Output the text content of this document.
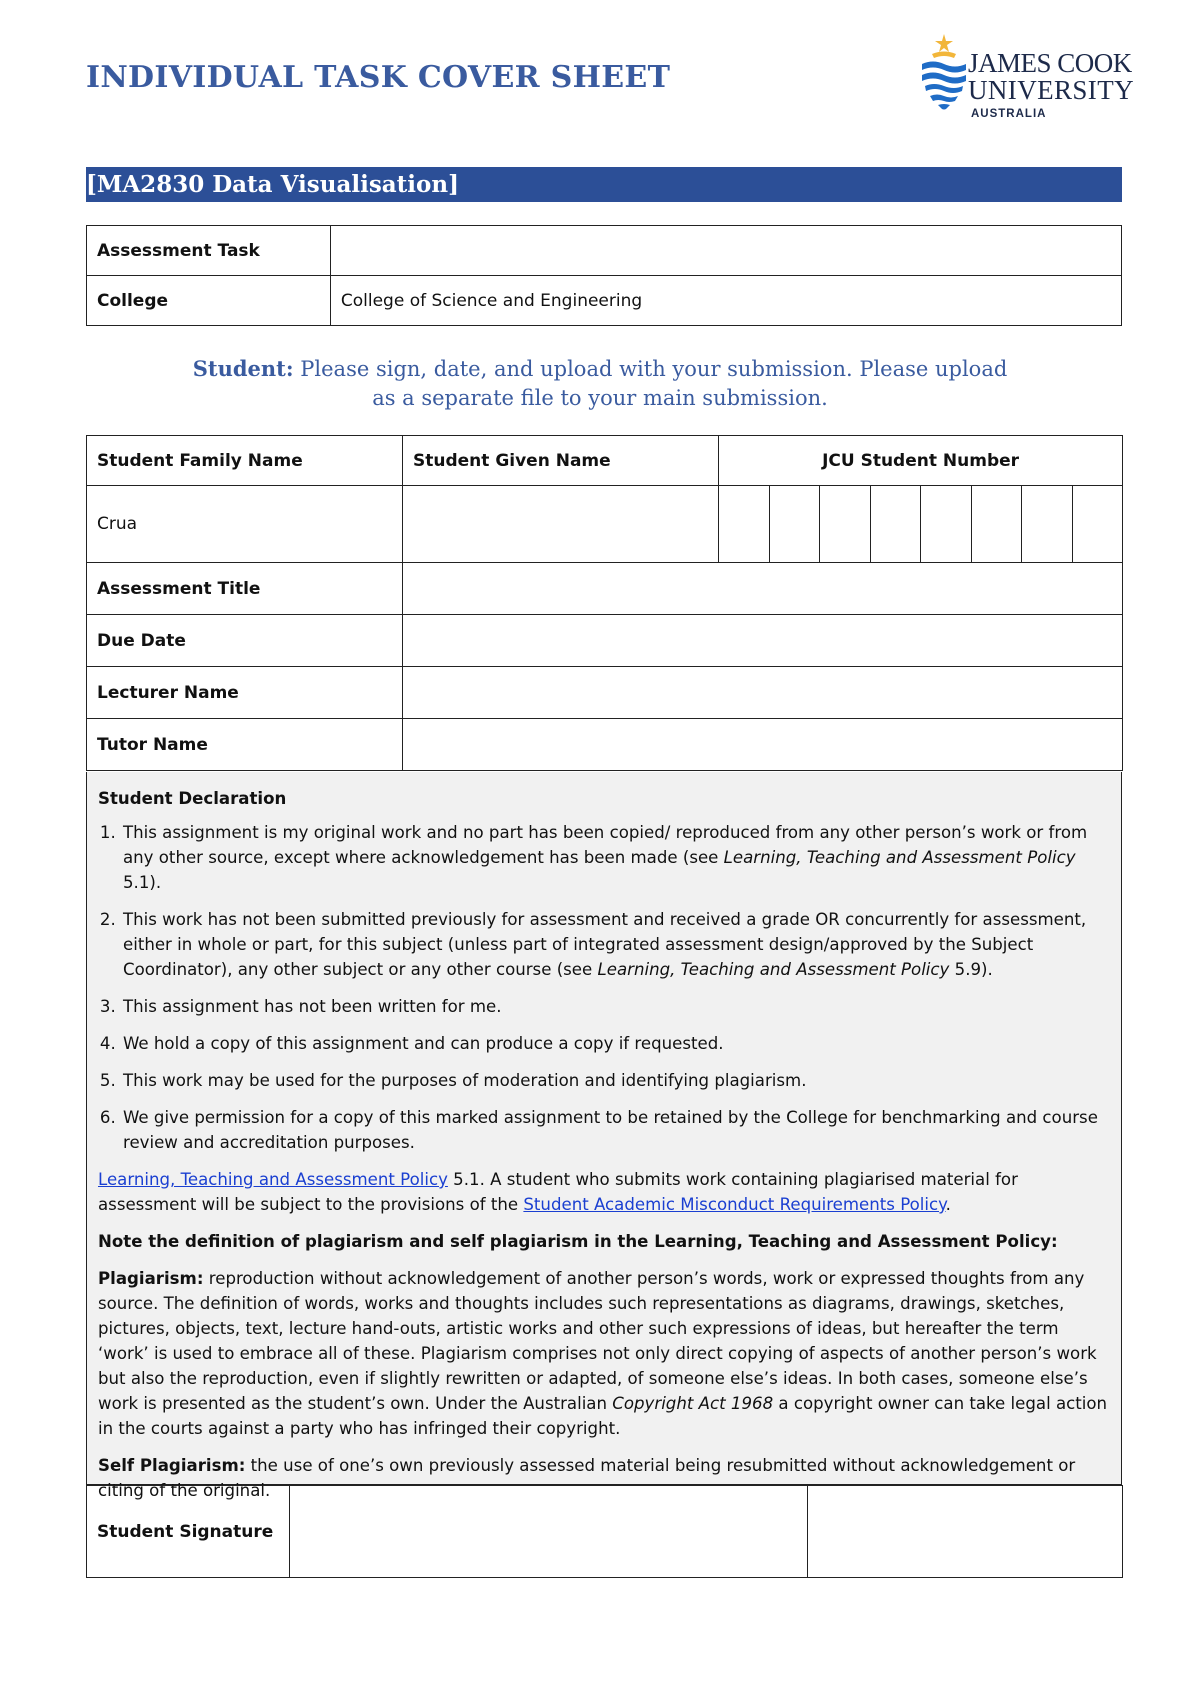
INDIVIDUAL TASK COVER SHEET	JAMES COOK
UNIVERSITY
AUSTRALIA
[MA2830 Data Visualisation]
Assessment Task	
College	College of Science and Engineering
Student: Please sign, date, and upload with your submission. Please upload
as a separate file to your main submission.
Student Family Name	Student Given Name	JCU Student Number							
Crua									
Assessment Title									
Due Date									
Lecturer Name									
Tutor Name									
Student Declaration
1. This assignment is my original work and no part has been copied/ reproduced from any other person’s work or from any other source, except where acknowledgement has been made (see Learning, Teaching and Assessment Policy 5.1).
2. This work has not been submitted previously for assessment and received a grade OR concurrently for assessment, either in whole or part, for this subject (unless part of integrated assessment design/approved by the Subject Coordinator), any other subject or any other course (see Learning, Teaching and Assessment Policy 5.9).
3. This assignment has not been written for me.
4. We hold a copy of this assignment and can produce a copy if requested.
5. This work may be used for the purposes of moderation and identifying plagiarism.
6. We give permission for a copy of this marked assignment to be retained by the College for benchmarking and course review and accreditation purposes.

Learning, Teaching and Assessment Policy 5.1. A student who submits work containing plagiarised material for assessment will be subject to the provisions of the Student Academic Misconduct Requirements Policy.

Note the definition of plagiarism and self plagiarism in the Learning, Teaching and Assessment Policy:

Plagiarism: reproduction without acknowledgement of another person’s words, work or expressed thoughts from any source. The definition of words, works and thoughts includes such representations as diagrams, drawings, sketches, pictures, objects, text, lecture hand-outs, artistic works and other such expressions of ideas, but hereafter the term ‘work’ is used to embrace all of these. Plagiarism comprises not only direct copying of aspects of another person’s work but also the reproduction, even if slightly rewritten or adapted, of someone else’s ideas. In both cases, someone else’s work is presented as the student’s own. Under the Australian Copyright Act 1968 a copyright owner can take legal action in the courts against a party who has infringed their copyright.

Self Plagiarism: the use of one’s own previously assessed material being resubmitted without acknowledgement or citing of the original.

Student Signature		
